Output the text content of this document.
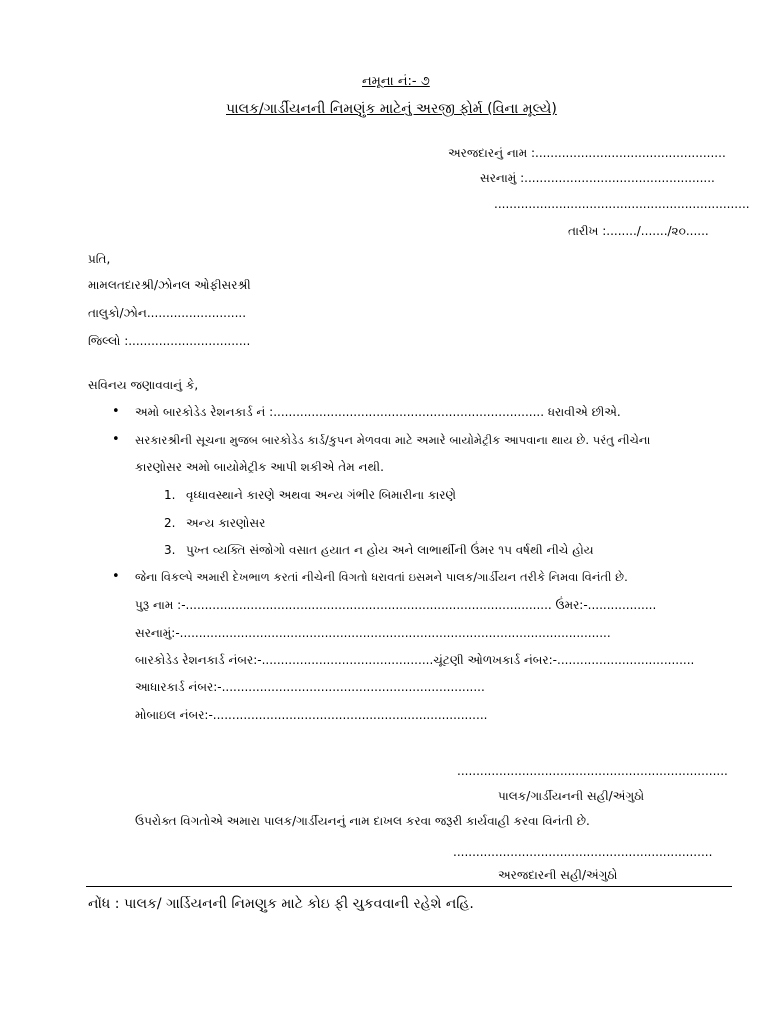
નમૂના નં:- ૭
પાલક/ગાર્ડીયનની નિમણુંક માટેનું અરજી ફોર્મ (વિના મૂલ્યે)
અરજદારનું નામ :..................................................
સરનામું :..................................................
...................................................................
તારીખ :......../......./૨૦......
પ્રતિ,
મામલતદારશ્રી/ઝોનલ ઓફીસરશ્રી
તાલુકો/ઝોન..........................
જિલ્લો :................................
સવિનય જણાવવાનું કે,
• અમો બારકોડેડ રેશનકાર્ડ નં :....................................................................... ધરાવીએ છીએ.
• સરકારશ્રીની સૂચના મુજબ બારકોડેડ કાર્ડ/કુપન મેળવવા માટે અમારે બાયોમેટ્રીક આપવાના થાય છે. પરંતુ નીચેના
કારણોસર અમો બાયોમેટ્રીક આપી શકીએ તેમ નથી.
1. વૃધ્ધાવસ્થાને કારણે અથવા અન્ય ગંભીર બિમારીના કારણે
2. અન્ય કારણોસર
3. પુખ્ત વ્યક્તિ સંજોગો વસાત હયાત ન હોય અને લાભાર્થીની ઉંમર ૧૫ વર્ષથી નીચે હોય
• જેના વિકલ્પે અમારી દેખભાળ કરતાં નીચેની વિગતો ધરાવતાં ઇસમને પાલક/ગાર્ડીયન તરીકે નિમવા વિનંતી છે.
પુરૂ નામ :-................................................................................................ ઉંમર:-..................
સરનામું:-.................................................................................................................
બારકોડેડ રેશનકાર્ડ નંબર:-.............................................ચૂંટણી ઓળખકાર્ડ નંબર:-....................................
આધારકાર્ડ નંબર:-.....................................................................
મોબાઇલ નંબર:-........................................................................
.......................................................................
પાલક/ગાર્ડીયનની સહી/અંગુઠો
ઉપરોક્ત વિગતોએ અમારા પાલક/ગાર્ડીયનનું નામ દાખલ કરવા જરૂરી કાર્યવાહી કરવા વિનંતી છે.
....................................................................
અરજદારની સહી/અંગુઠો
નોંધ : પાલક/ ગાર્ડિયનની નિમણુક માટે કોઇ ફી ચુકવવાની રહેશે નહિ.
